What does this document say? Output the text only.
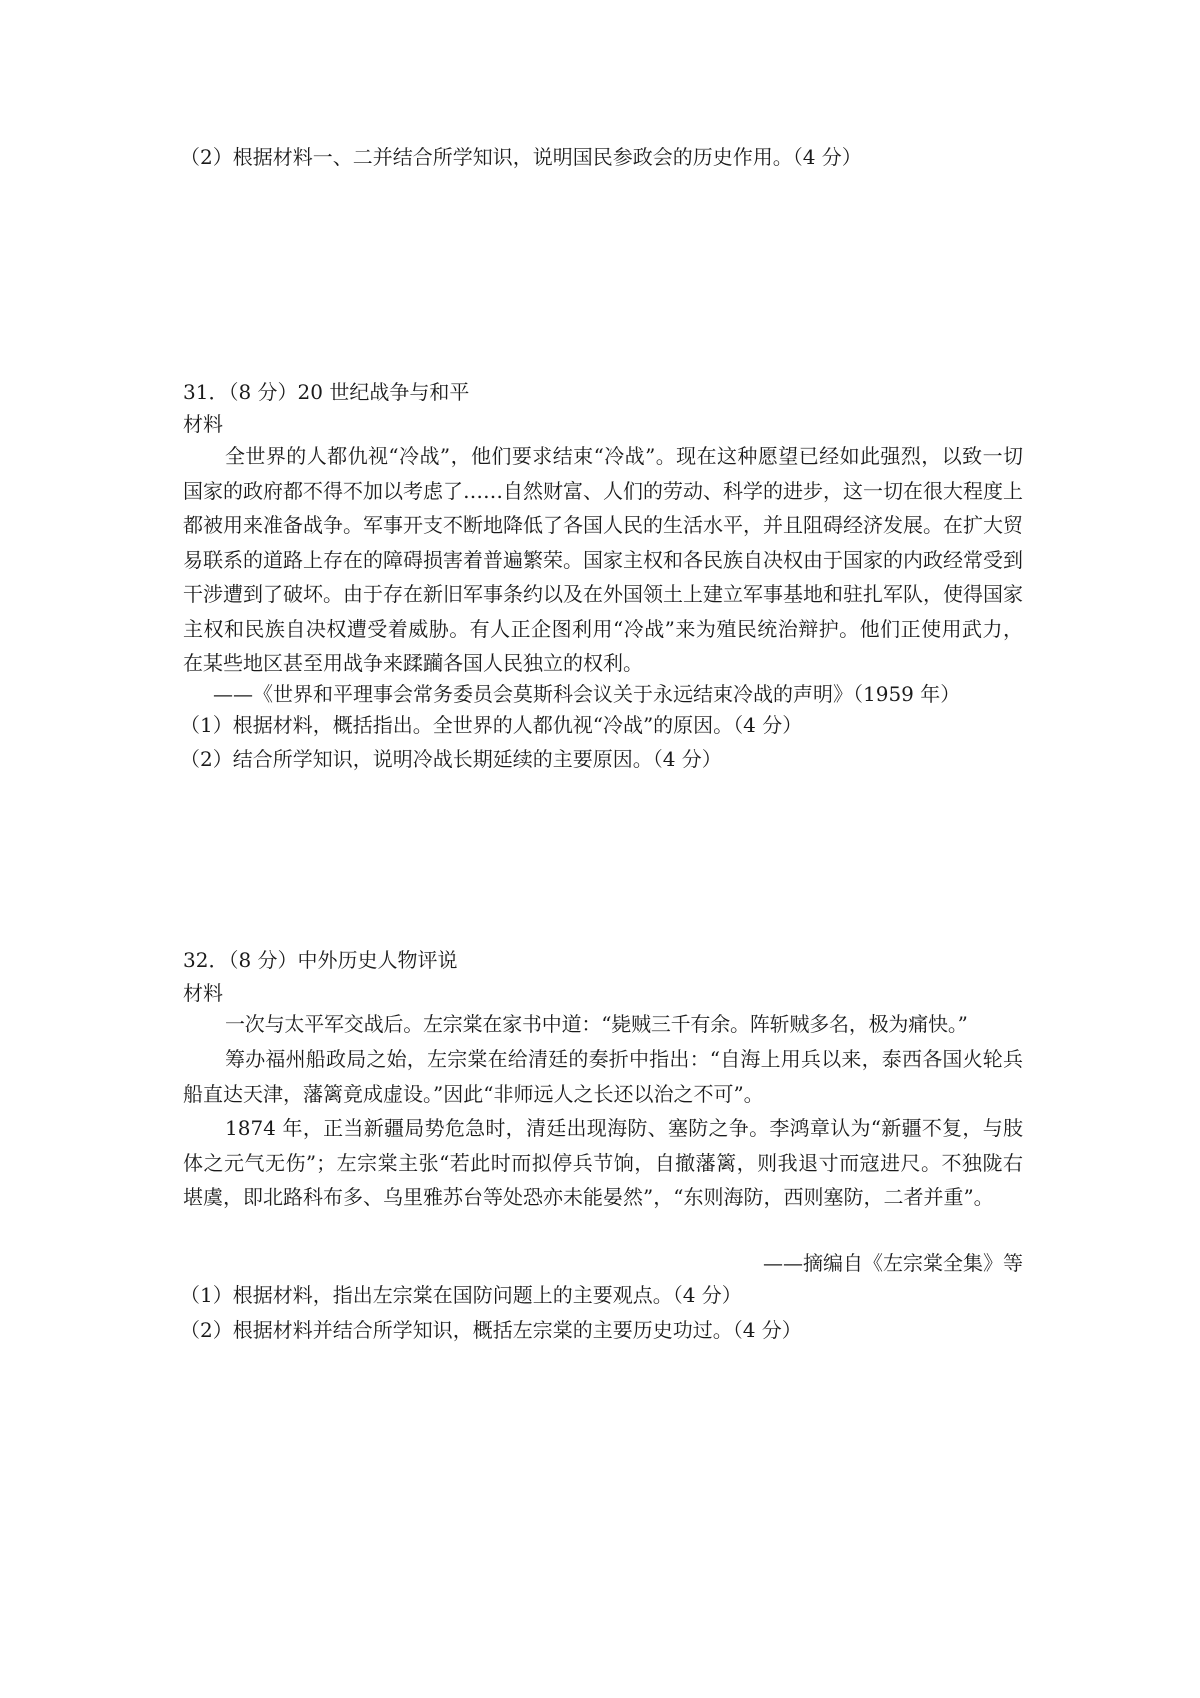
（2）根据材料一、二并结合所学知识，说明国民参政会的历史作用。（4 分）
31．（8 分）20 世纪战争与和平
材料
全世界的人都仇视“冷战”，他们要求结束“冷战”。现在这种愿望已经如此强烈，以致一切国家的政府都不得不加以考虑了……自然财富、人们的劳动、科学的进步，这一切在很大程度上都被用来准备战争。军事开支不断地降低了各国人民的生活水平，并且阻碍经济发展。在扩大贸易联系的道路上存在的障碍损害着普遍繁荣。国家主权和各民族自决权由于国家的内政经常受到干涉遭到了破坏。由于存在新旧军事条约以及在外国领土上建立军事基地和驻扎军队，使得国家主权和民族自决权遭受着威胁。有人正企图利用“冷战”来为殖民统治辩护。他们正使用武力，在某些地区甚至用战争来蹂躏各国人民独立的权利。
——《世界和平理事会常务委员会莫斯科会议关于永远结束冷战的声明》（1959 年）
（1）根据材料，概括指出。全世界的人都仇视“冷战”的原因。（4 分）
（2）结合所学知识，说明冷战长期延续的主要原因。（4 分）
32．（8 分）中外历史人物评说
材料
一次与太平军交战后。左宗棠在家书中道：“毙贼三千有余。阵斩贼多名，极为痛快。”
筹办福州船政局之始，左宗棠在给清廷的奏折中指出：“自海上用兵以来，泰西各国火轮兵船直达天津，藩篱竟成虚设。”因此“非师远人之长还以治之不可”。
1874 年，正当新疆局势危急时，清廷出现海防、塞防之争。李鸿章认为“新疆不复，与肢体之元气无伤”；左宗棠主张“若此时而拟停兵节饷，自撤藩篱，则我退寸而寇进尺。不独陇右堪虞，即北路科布多、乌里雅苏台等处恐亦未能晏然”，“东则海防，西则塞防，二者并重”。
——摘编自《左宗棠全集》等
（1）根据材料，指出左宗棠在国防问题上的主要观点。（4 分）
（2）根据材料并结合所学知识，概括左宗棠的主要历史功过。（4 分）
